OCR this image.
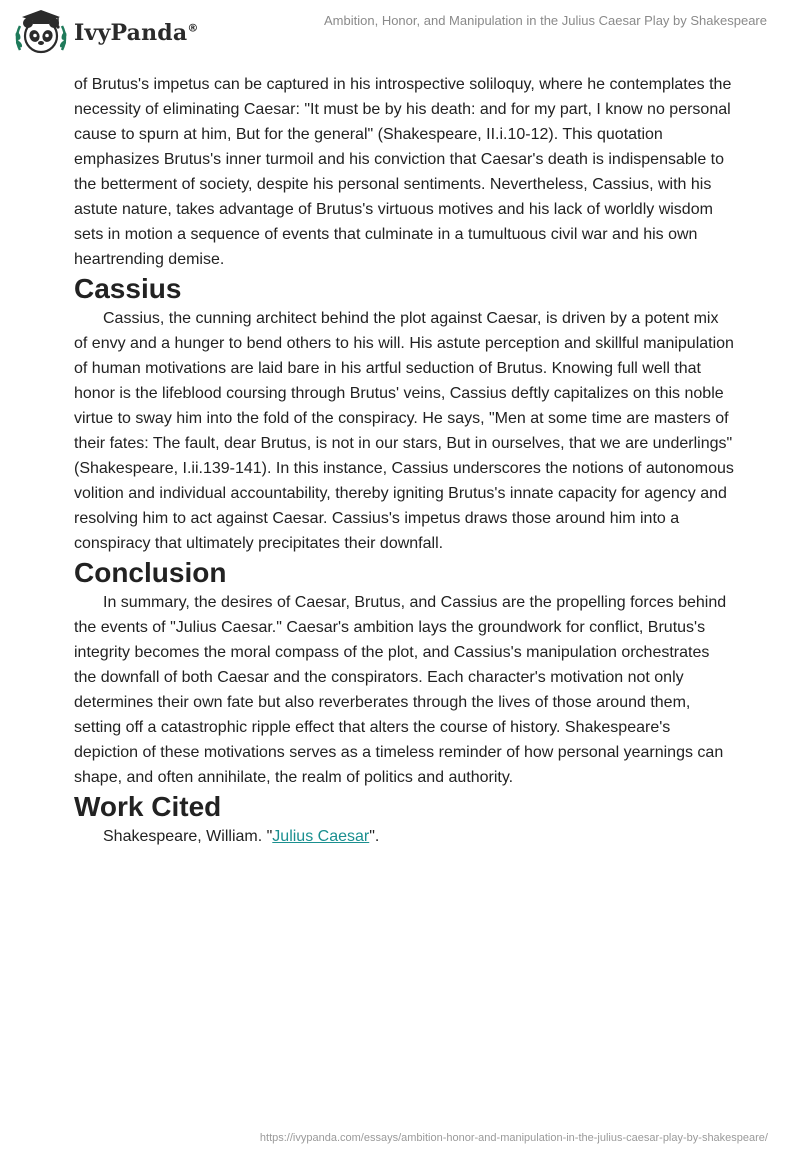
IvyPanda®
Ambition, Honor, and Manipulation in the Julius Caesar Play by Shakespeare

of Brutus's impetus can be captured in his introspective soliloquy, where he contemplates the necessity of eliminating Caesar: "It must be by his death: and for my part, I know no personal cause to spurn at him, But for the general" (Shakespeare, II.i.10-12). This quotation emphasizes Brutus's inner turmoil and his conviction that Caesar's death is indispensable to the betterment of society, despite his personal sentiments. Nevertheless, Cassius, with his astute nature, takes advantage of Brutus's virtuous motives and his lack of worldly wisdom sets in motion a sequence of events that culminate in a tumultuous civil war and his own heartrending demise.

Cassius

Cassius, the cunning architect behind the plot against Caesar, is driven by a potent mix of envy and a hunger to bend others to his will. His astute perception and skillful manipulation of human motivations are laid bare in his artful seduction of Brutus. Knowing full well that honor is the lifeblood coursing through Brutus' veins, Cassius deftly capitalizes on this noble virtue to sway him into the fold of the conspiracy. He says, "Men at some time are masters of their fates: The fault, dear Brutus, is not in our stars, But in ourselves, that we are underlings" (Shakespeare, I.ii.139-141). In this instance, Cassius underscores the notions of autonomous volition and individual accountability, thereby igniting Brutus's innate capacity for agency and resolving him to act against Caesar. Cassius's impetus draws those around him into a conspiracy that ultimately precipitates their downfall.

Conclusion

In summary, the desires of Caesar, Brutus, and Cassius are the propelling forces behind the events of "Julius Caesar." Caesar's ambition lays the groundwork for conflict, Brutus's integrity becomes the moral compass of the plot, and Cassius's manipulation orchestrates the downfall of both Caesar and the conspirators. Each character's motivation not only determines their own fate but also reverberates through the lives of those around them, setting off a catastrophic ripple effect that alters the course of history. Shakespeare's depiction of these motivations serves as a timeless reminder of how personal yearnings can shape, and often annihilate, the realm of politics and authority.

Work Cited

Shakespeare, William. "Julius Caesar".

https://ivypanda.com/essays/ambition-honor-and-manipulation-in-the-julius-caesar-play-by-shakespeare/
